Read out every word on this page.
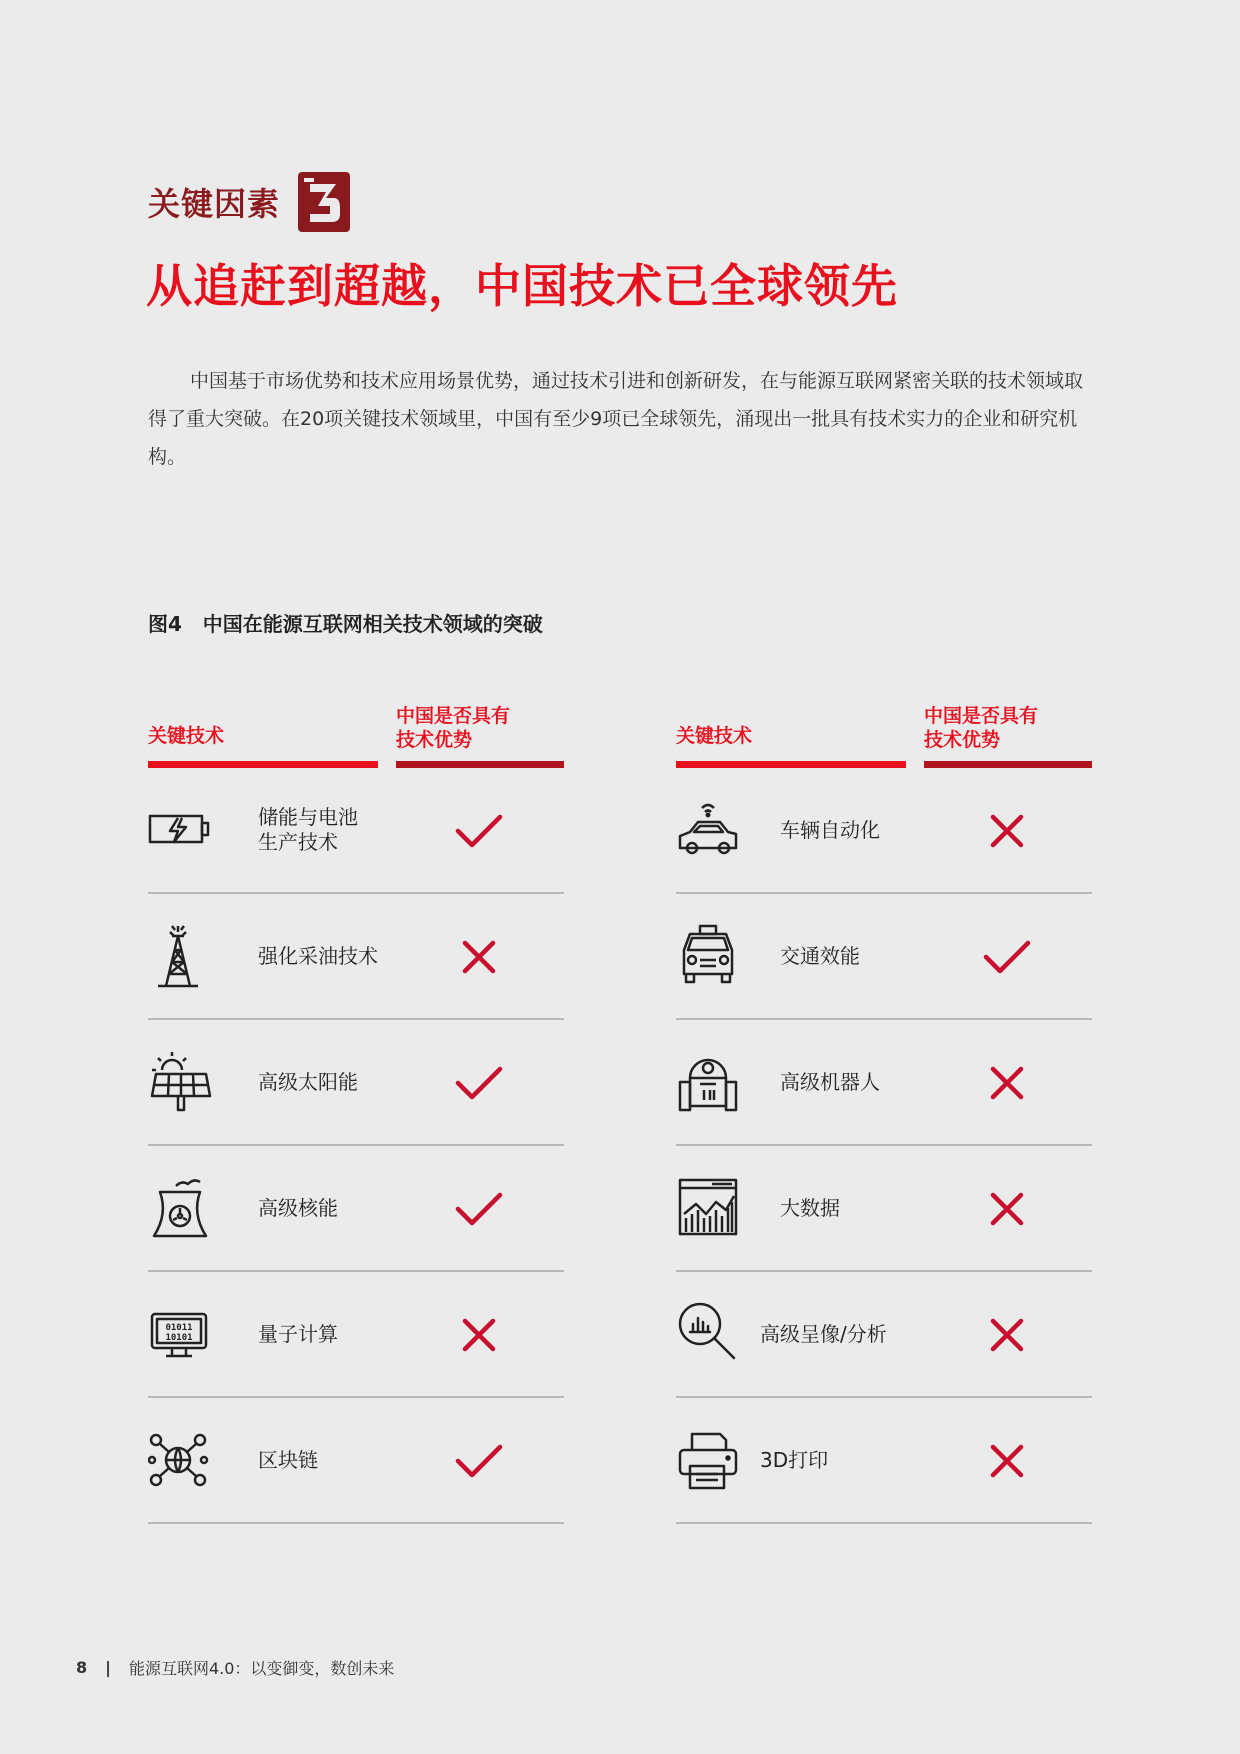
关键因素
从追赶到超越，中国技术已全球领先

中国基于市场优势和技术应用场景优势，通过技术引进和创新研发，在与能源互联网紧密关联的技术领域取得了重大突破。在20项关键技术领域里，中国有至少9项已全球领先，涌现出一批具有技术实力的企业和研究机构。

图4   中国在能源互联网相关技术领域的突破
关键技术
中国是否具有
技术优势
储能与电池
生产技术
强化采油技术
高级太阳能
高级核能
01011
10101	量子计算
区块链
关键技术
中国是否具有
技术优势
车辆自动化
交通效能
高级机器人
大数据
高级呈像/分析
3D打印
8 | 能源互联网4.0：以变御变，数创未来
